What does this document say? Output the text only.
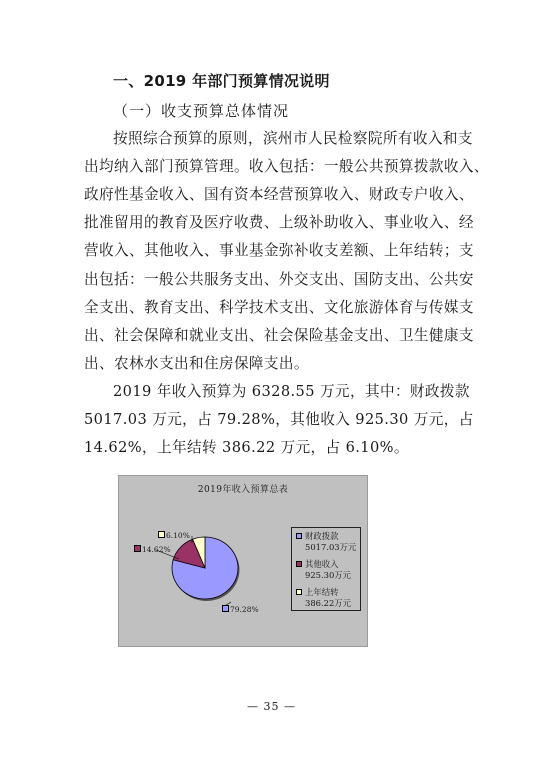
一、2019 年部门预算情况说明

（一）收支预算总体情况

按照综合预算的原则，滨州市人民检察院所有收入和支

出均纳入部门预算管理。收入包括：一般公共预算拨款收入、

政府性基金收入、国有资本经营预算收入、财政专户收入、

批准留用的教育及医疗收费、上级补助收入、事业收入、经

营收入、其他收入、事业基金弥补收支差额、上年结转；支

出包括：一般公共服务支出、外交支出、国防支出、公共安

全支出、教育支出、科学技术支出、文化旅游体育与传媒支

出、社会保障和就业支出、社会保险基金支出、卫生健康支

出、农林水支出和住房保障支出。

2019 年收入预算为 6328.55 万元，其中：财政拨款

5017.03 万元，占 79.28%，其他收入 925.30 万元，占

14.62%，上年结转 386.22 万元，占 6.10%。

2019年收入预算总表
79.28%
14.62%
6.10%	财政拨款
5017.03万元
其他收入
925.30万元
上年结转
386.22万元

— 35 —
